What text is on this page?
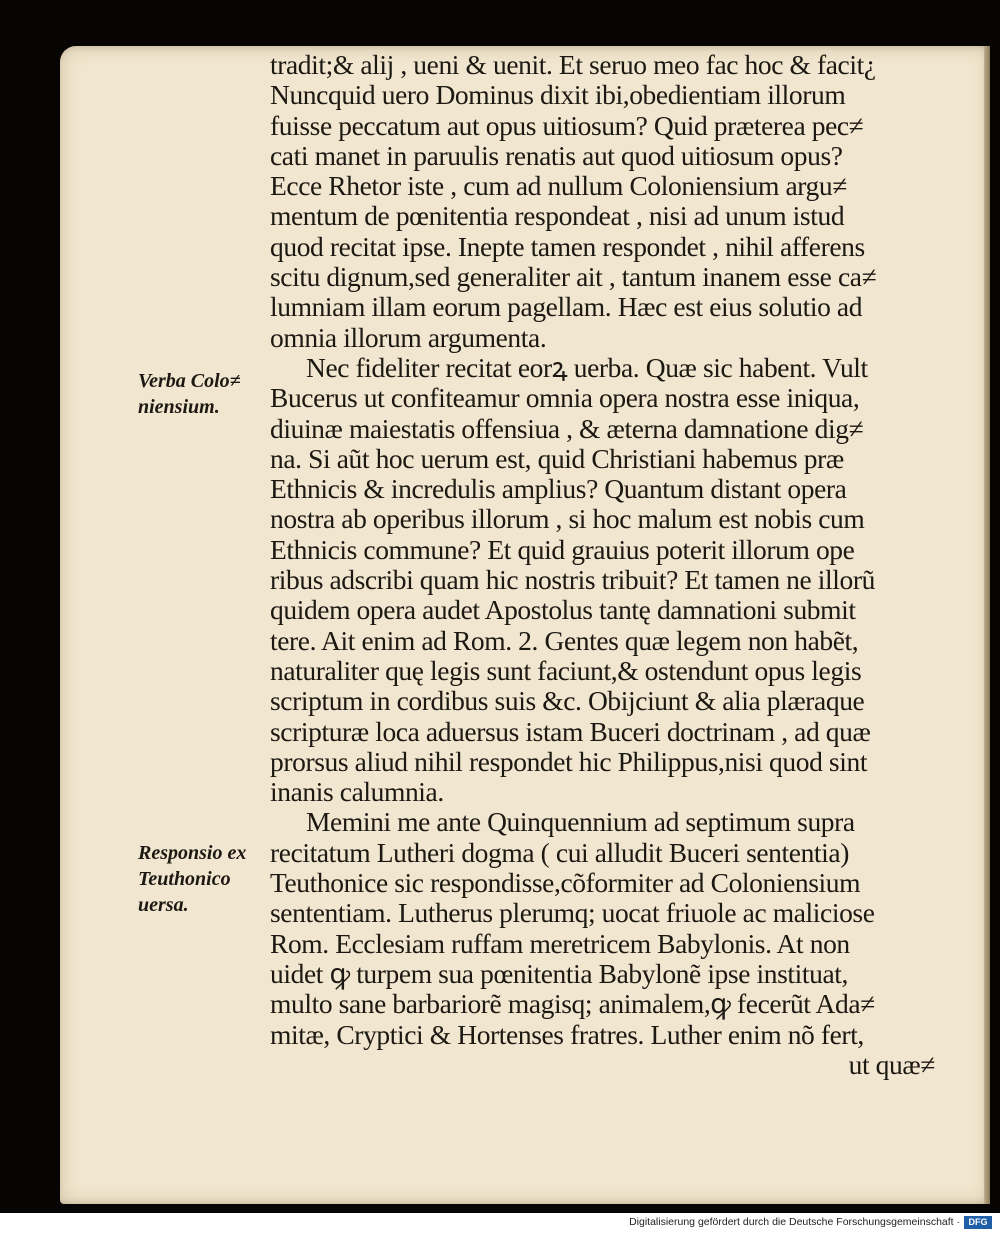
tradit;& alij , ueni & uenit. Et seruo meo fac hoc & facit¿
Nuncquid uero Dominus dixit ibi,obedientiam illorum
fuisse peccatum aut opus uitiosum? Quid præterea pec≠
cati manet in paruulis renatis aut quod uitiosum opus?
Ecce Rhetor iste , cum ad nullum Coloniensium argu≠
mentum de pœnitentia respondeat , nisi ad unum istud
quod recitat ipse. Inepte tamen respondet , nihil afferens
scitu dignum,sed generaliter ait , tantum inanem esse ca≠
lumniam illam eorum pagellam. Hæc est eius solutio ad
omnia illorum argumenta.
Nec fideliter recitat eorꝝ uerba. Quæ sic habent. Vult
Bucerus ut confiteamur omnia opera nostra esse iniqua,
diuinæ maiestatis offensiua , & æterna damnatione dig≠
na. Si aũt hoc uerum est, quid Christiani habemus præ
Ethnicis & incredulis amplius? Quantum distant opera
nostra ab operibus illorum , si hoc malum est nobis cum
Ethnicis commune? Et quid grauius poterit illorum ope
ribus adscribi quam hic nostris tribuit? Et tamen ne illorũ
quidem opera audet Apostolus tantę damnationi submit
tere. Ait enim ad Rom. 2. Gentes quæ legem non habẽt,
naturaliter quę legis sunt faciunt,& ostendunt opus legis
scriptum in cordibus suis &c. Obijciunt & alia plæraque
scripturæ loca aduersus istam Buceri doctrinam , ad quæ
prorsus aliud nihil respondet hic Philippus,nisi quod sint
inanis calumnia.
Memini me ante Quinquennium ad septimum supra
recitatum Lutheri dogma ( cui alludit Buceri sententia)
Teuthonice sic respondisse,cõformiter ad Coloniensium
sententiam. Lutherus plerumq; uocat friuole ac maliciose
Rom. Ecclesiam ruffam meretricem Babylonis. At non
uidet ꝙ turpem sua pœnitentia Babylonẽ ipse instituat,
multo sane barbariorẽ magisq; animalem,ꝙ fecerũt Ada≠
mitæ, Cryptici & Hortenses fratres. Luther enim nõ fert,
ut quæ≠
Verba Colo≠
niensium.
Responsio ex
Teuthonico
uersa.
Digitalisierung gefördert durch die Deutsche Forschungsgemeinschaft · DFG
